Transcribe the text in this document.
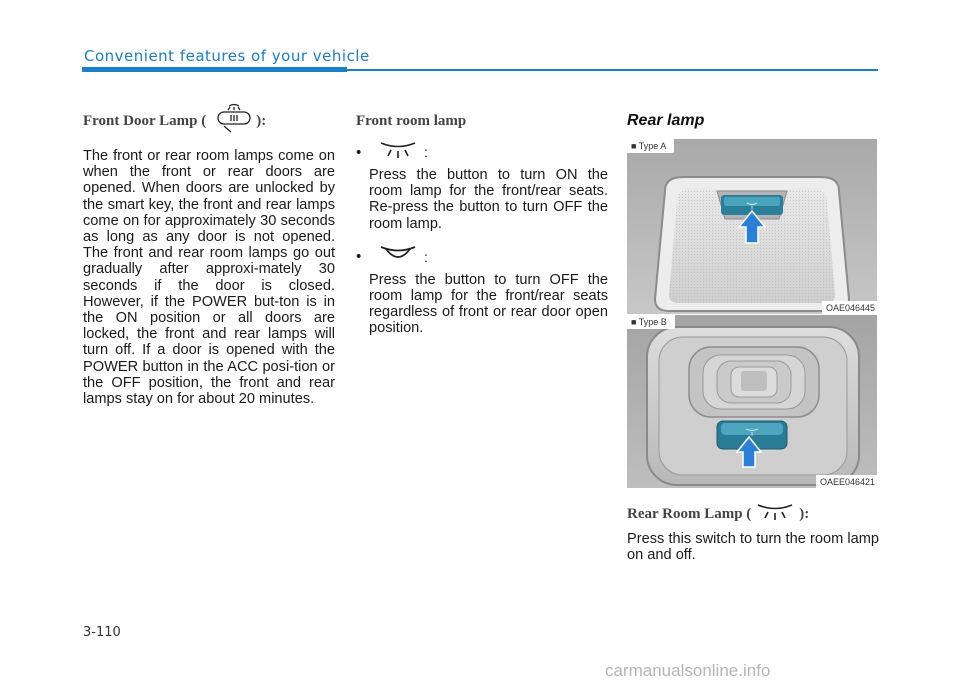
Convenient features of your vehicle
Front Door Lamp (	):
The front or rear room lamps come on when the front or rear doors are opened. When doors are unlocked by the smart key, the front and rear lamps come on for approximately 30 seconds as long as any door is not opened. The front and rear room lamps go out gradually after approxi-mately 30 seconds if the door is closed. However, if the POWER but-ton is in the ON position or all doors are locked, the front and rear lamps will turn off. If a door is opened with the POWER button in the ACC posi-tion or the OFF position, the front and rear lamps stay on for about 20 minutes.
Front room lamp
•	:
Press the button to turn ON the room lamp for the front/rear seats. Re-press the button to turn OFF the room lamp.
•	:
Press the button to turn OFF the room lamp for the front/rear seats regardless of front or rear door open position.
Rear lamp
■ Type A
OAE046445
■ Type B
OAEE046421
Rear Room Lamp (	):
Press this switch to turn the room lamp on and off.
3-110
carmanualsonline.info
